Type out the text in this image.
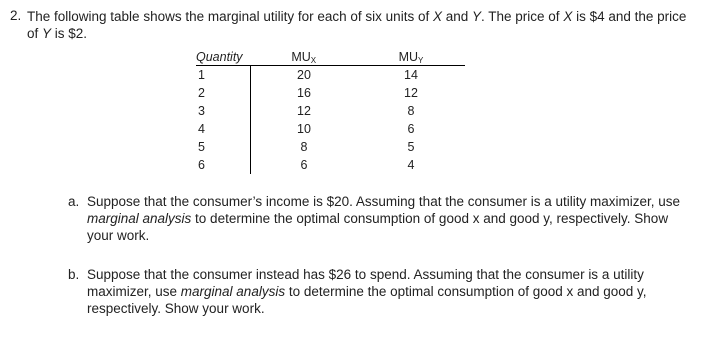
2. The following table shows the marginal utility for each of six units of X and Y. The price of X is $4 and the price of Y is $2.
Quantity	MUX	MUY
1	20	14
2	16	12
3	12	8
4	10	6
5	8	5
6	6	4
a. Suppose that the consumer’s income is $20. Assuming that the consumer is a utility maximizer, use marginal analysis to determine the optimal consumption of good x and good y, respectively. Show your work.
b. Suppose that the consumer instead has $26 to spend. Assuming that the consumer is a utility maximizer, use marginal analysis to determine the optimal consumption of good x and good y, respectively. Show your work.
